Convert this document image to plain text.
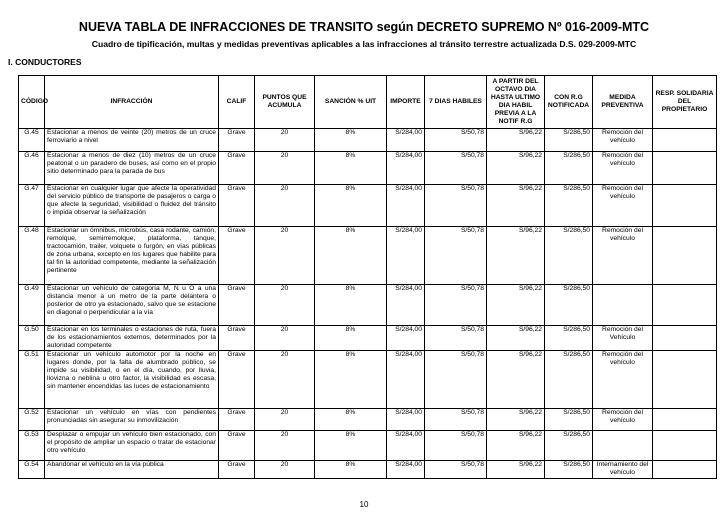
NUEVA TABLA DE INFRACCIONES DE TRANSITO según DECRETO SUPREMO Nº 016-2009-MTC
Cuadro de tipificación, multas y medidas preventivas aplicables a las infracciones al tránsito terrestre actualizada D.S. 029-2009-MTC
I. CONDUCTORES
CÓDIGO	INFRACCIÓN	CALIF	PUNTOS QUE ACUMULA	SANCIÓN % UIT	IMPORTE	7 DIAS HABILES	A PARTIR DEL OCTAVO DIA HASTA ULTIMO DIA HABIL PREVIA A LA NOTIF R.G	CON R.G NOTIFICADA	MEDIDA PREVENTIVA	RESP. SOLIDARIA DEL PROPIETARIO
G.45	Estacionar a menos de veinte (20) metros de un cruce ferroviario a nivel	Grave	20	8%	S/284,00	S/50,78	S/96,22	S/286,50	Remoción del vehículo	
G.46	Estacionar a menos de diez (10) metros de un cruce peatonal o un paradero de buses, así como en el propio sitio determinado para la parada de bus	Grave	20	8%	S/284,00	S/50,78	S/96,22	S/286,50	Remoción del vehículo	
G.47	Estacionar en cualquier lugar que afecte la operatividad del servicio público de transporte de pasajeros o carga o que afecte la seguridad, visibilidad o fluidez del tránsito o impida observar la señalización	Grave	20	8%	S/284,00	S/50,78	S/96,22	S/286,50	Remoción del vehículo	
G.48	Estacionar un ómnibus, microbús, casa rodante, camión, remolque, semirremolque, plataforma, tanque, tractocamión, trailer, volquete o furgón, en vías públicas de zona urbana, excepto en los lugares que habilite para tal fin la autoridad competente, mediante la señalización pertinente	Grave	20	8%	S/284,00	S/50,78	S/96,22	S/286,50	Remoción del vehículo	
G.49	Estacionar un vehículo de categoría M, N u O a una distancia menor a un metro de la parte delantera o posterior de otro ya estacionado, salvo que se estacione en diagonal o perpendicular a la vía	Grave	20	8%	S/284,00	S/50,78	S/96,22	S/286,50		
G.50	Estacionar en los terminales o estaciones de ruta, fuera de los estacionamientos externos, determinados por la autoridad competente	Grave	20	8%	S/284,00	S/50,78	S/96,22	S/286,50	Remoción del Vehículo	
G.51	Estacionar un vehículo automotor por la noche en lugares donde, por la falta de alumbrado público, se impide su visibilidad, o en el día, cuando, por lluvia, llovizna o neblina u otro factor, la visibilidad es escasa, sin mantener encendidas las luces de estacionamiento	Grave	20	8%	S/284,00	S/50,78	S/96,22	S/286,50	Remoción del vehículo	
G.52	Estacionar un vehículo en vías con pendientes pronunciadas sin asegurar su inmovilización	Grave	20	8%	S/284,00	S/50,78	S/96,22	S/286,50	Remoción del vehículo	
G.53	Desplazar o empujar un vehículo bien estacionado, con el propósito de ampliar un espacio o tratar de estacionar otro vehículo	Grave	20	8%	S/284,00	S/50,78	S/96,22	S/286,50		
G.54	Abandonar el vehículo en la vía pública	Grave	20	8%	S/284,00	S/50,78	S/96,22	S/286,50	Internamiento del vehículo	
10
